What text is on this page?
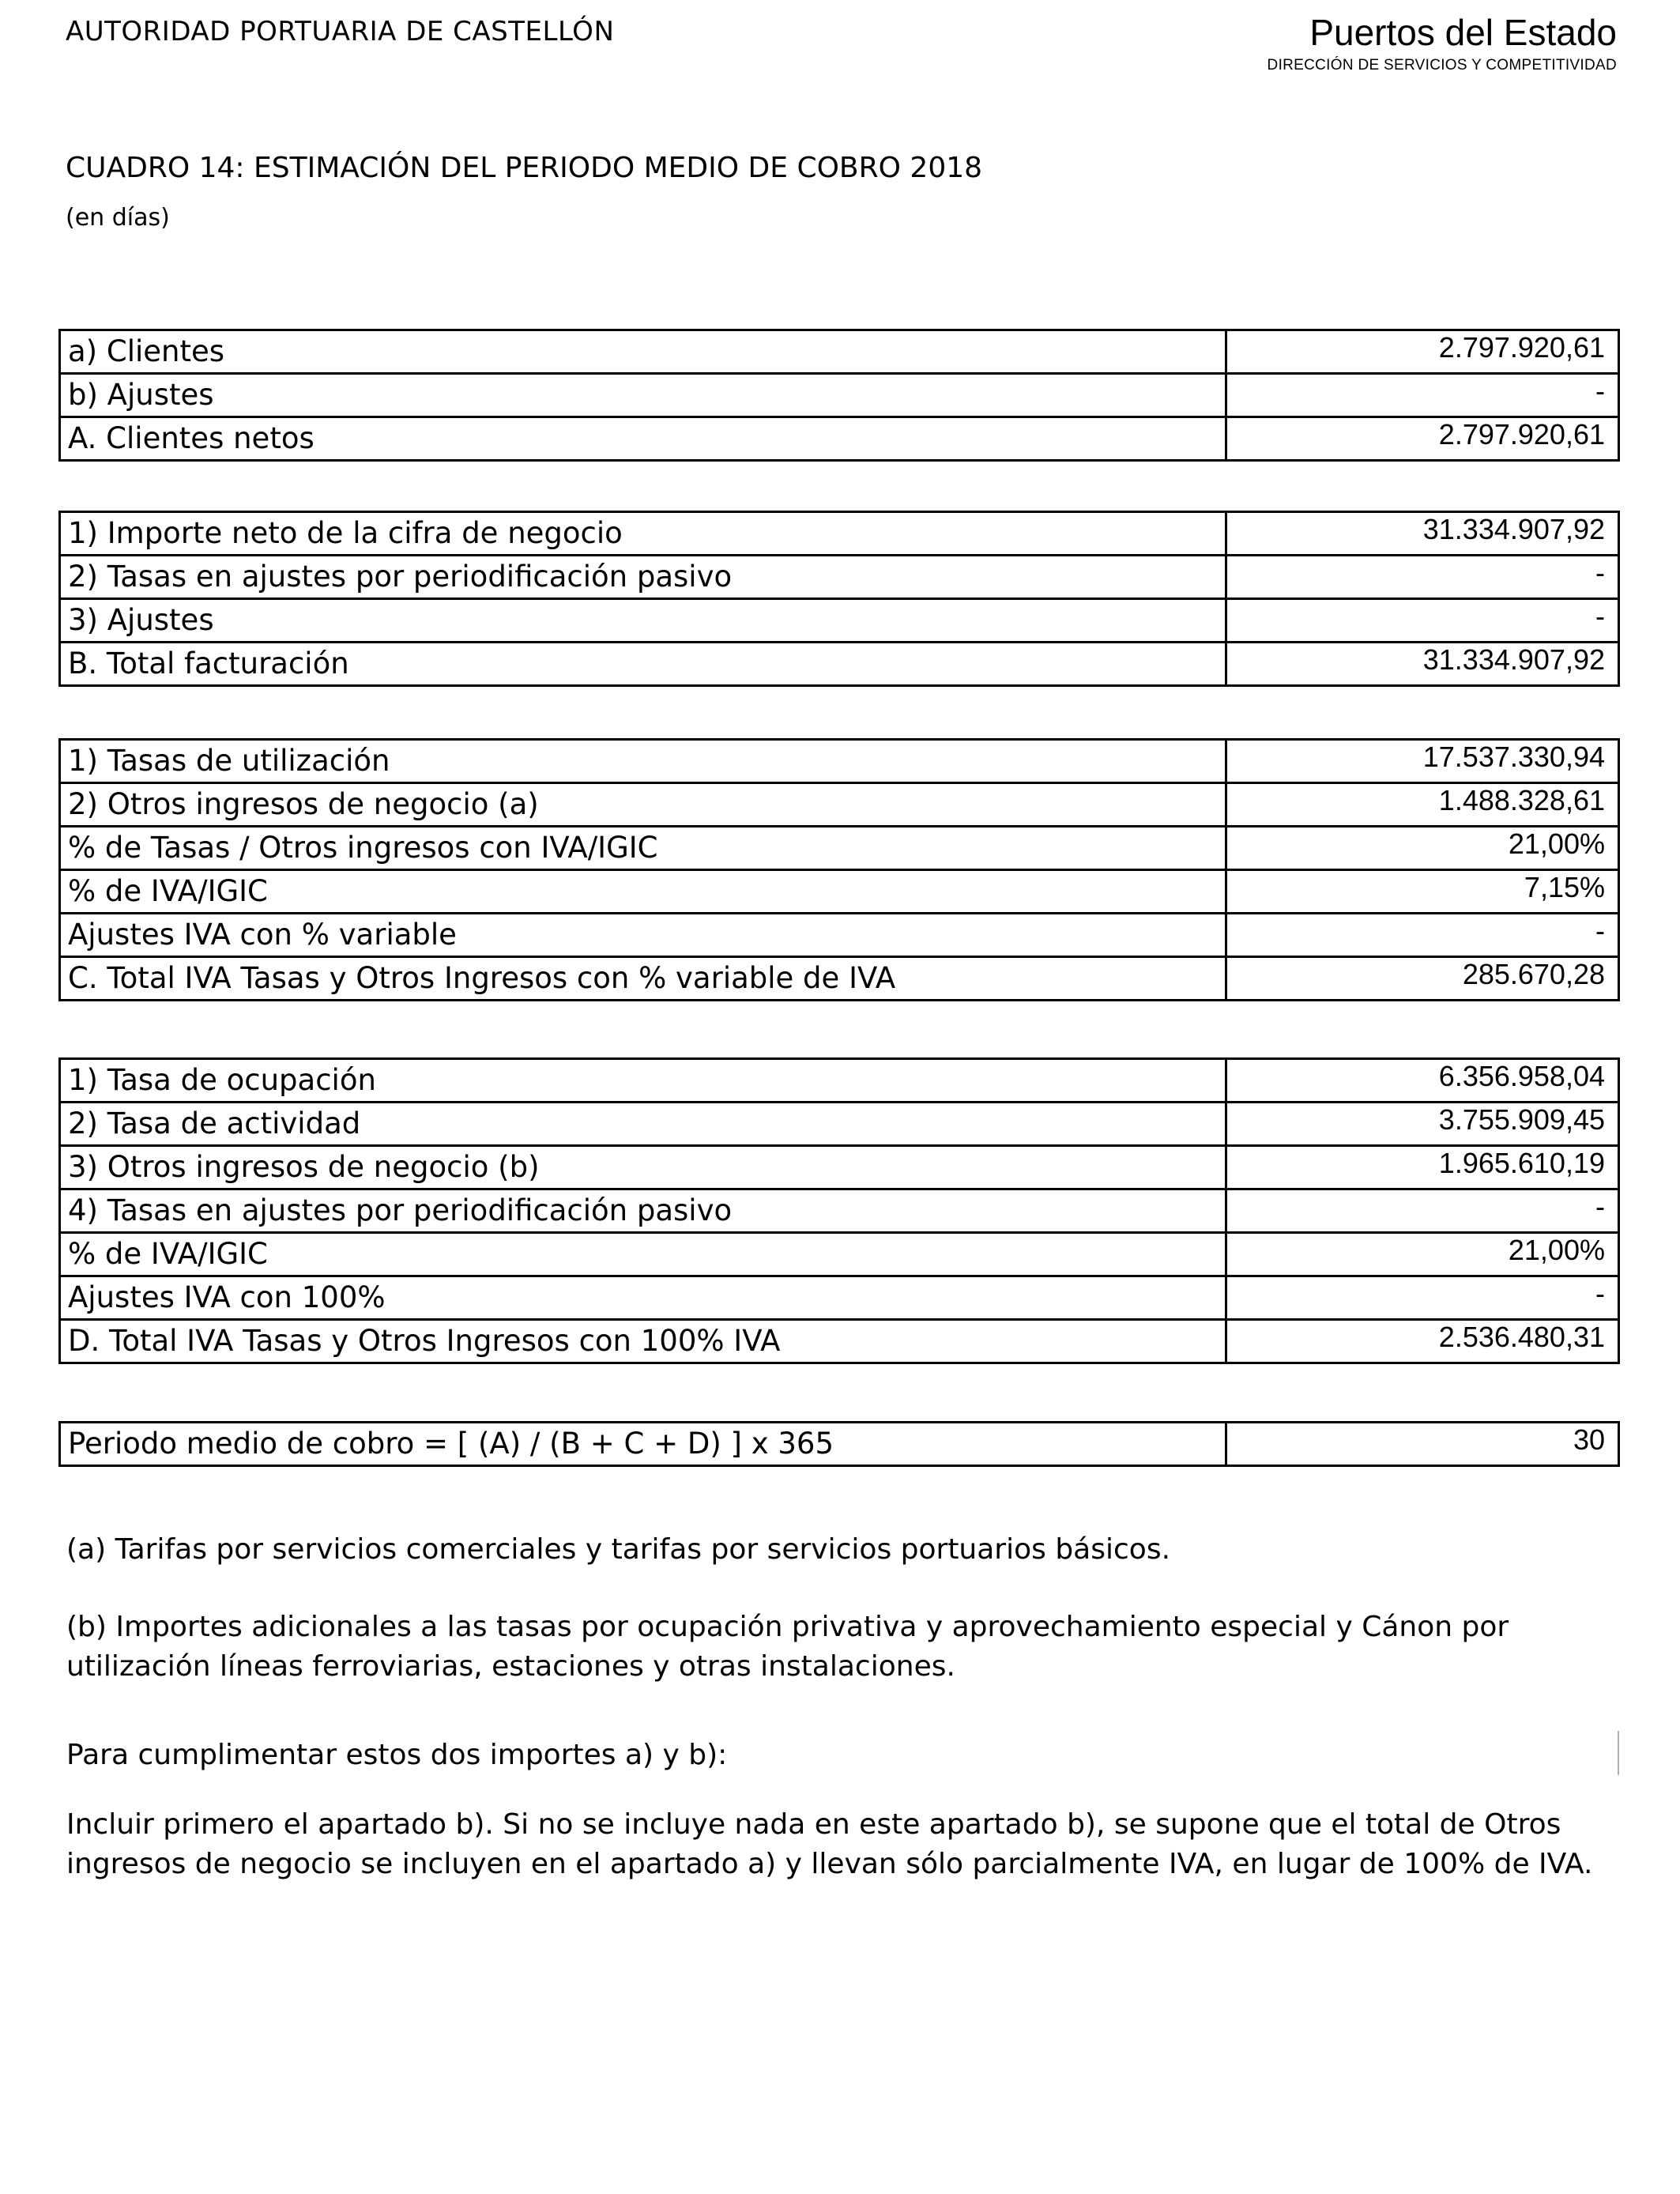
AUTORIDAD PORTUARIA DE CASTELLÓN	Puertos del Estado
DIRECCIÓN DE SERVICIOS Y COMPETITIVIDAD
CUADRO 14: ESTIMACIÓN DEL PERIODO MEDIO DE COBRO 2018
(en días)
a) Clientes	2.797.920,61
b) Ajustes	-
A. Clientes netos	2.797.920,61
1) Importe neto de la cifra de negocio	31.334.907,92
2) Tasas en ajustes por periodificación pasivo	-
3) Ajustes	-
B. Total facturación	31.334.907,92
1) Tasas de utilización	17.537.330,94
2) Otros ingresos de negocio (a)	1.488.328,61
% de Tasas / Otros ingresos con IVA/IGIC	21,00%
% de IVA/IGIC	7,15%
Ajustes IVA con % variable	-
C. Total IVA Tasas y Otros Ingresos con % variable de IVA	285.670,28
1) Tasa de ocupación	6.356.958,04
2) Tasa de actividad	3.755.909,45
3) Otros ingresos de negocio (b)	1.965.610,19
4) Tasas en ajustes por periodificación pasivo	-
% de IVA/IGIC	21,00%
Ajustes IVA con 100%	-
D. Total IVA Tasas y Otros Ingresos con 100% IVA	2.536.480,31
Periodo medio de cobro = [ (A) / (B + C + D) ] x 365	30
(a) Tarifas por servicios comerciales y tarifas por servicios portuarios básicos.
(b) Importes adicionales a las tasas por ocupación privativa y aprovechamiento especial y Cánon por utilización líneas ferroviarias, estaciones y otras instalaciones.
Para cumplimentar estos dos importes a) y b):
Incluir primero el apartado b). Si no se incluye nada en este apartado b), se supone que el total de Otros ingresos de negocio se incluyen en el apartado a) y llevan sólo parcialmente IVA, en lugar de 100% de IVA.
